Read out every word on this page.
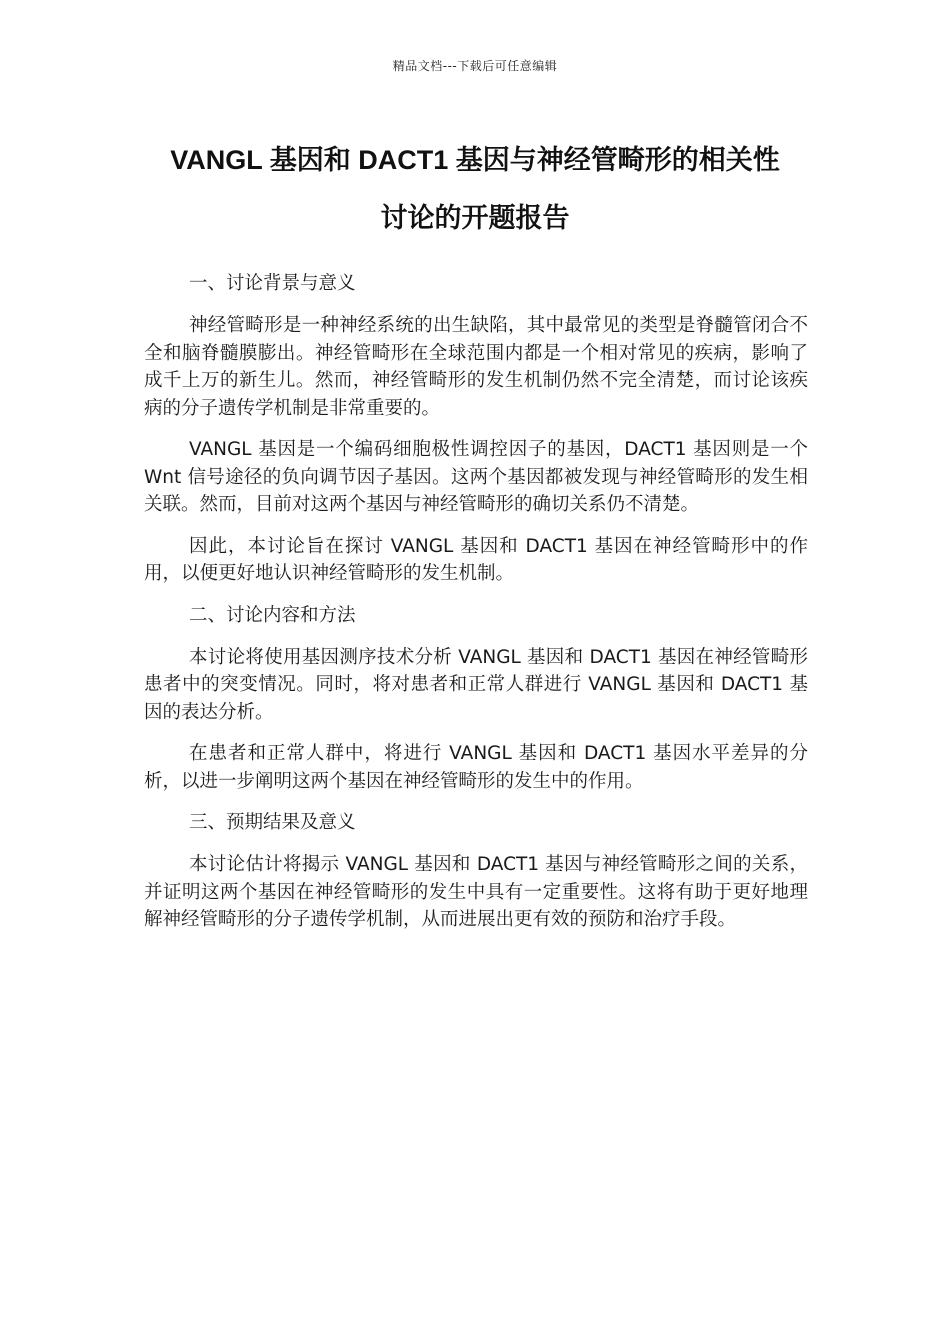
精品文档---下载后可任意编辑
VANGL 基因和 DACT1 基因与神经管畸形的相关性
讨论的开题报告

一、讨论背景与意义

神经管畸形是一种神经系统的出生缺陷，其中最常见的类型是脊髓管闭合不全和脑脊髓膜膨出。神经管畸形在全球范围内都是一个相对常见的疾病，影响了成千上万的新生儿。然而，神经管畸形的发生机制仍然不完全清楚，而讨论该疾病的分子遗传学机制是非常重要的。

VANGL 基因是一个编码细胞极性调控因子的基因，DACT1 基因则是一个 Wnt 信号途径的负向调节因子基因。这两个基因都被发现与神经管畸形的发生相关联。然而，目前对这两个基因与神经管畸形的确切关系仍不清楚。

因此，本讨论旨在探讨 VANGL 基因和 DACT1 基因在神经管畸形中的作用，以便更好地认识神经管畸形的发生机制。

二、讨论内容和方法

本讨论将使用基因测序技术分析 VANGL 基因和 DACT1 基因在神经管畸形患者中的突变情况。同时，将对患者和正常人群进行 VANGL 基因和 DACT1 基因的表达分析。

在患者和正常人群中，将进行 VANGL 基因和 DACT1 基因水平差异的分析，以进一步阐明这两个基因在神经管畸形的发生中的作用。

三、预期结果及意义

本讨论估计将揭示 VANGL 基因和 DACT1 基因与神经管畸形之间的关系，并证明这两个基因在神经管畸形的发生中具有一定重要性。这将有助于更好地理解神经管畸形的分子遗传学机制，从而进展出更有效的预防和治疗手段。
